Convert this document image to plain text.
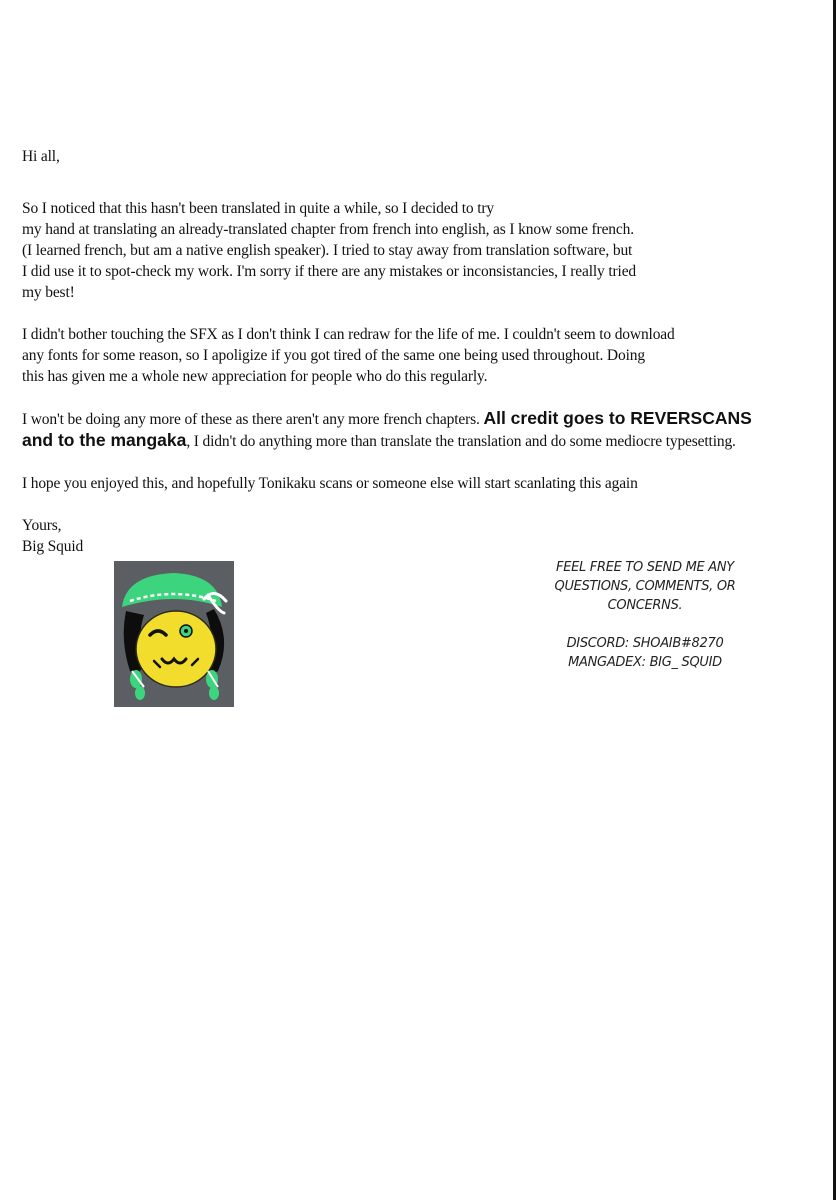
Hi all,

So I noticed that this hasn't been translated in quite a while, so I decided to try
my hand at translating an already-translated chapter from french into english, as I know some french.
(I learned french, but am a native english speaker). I tried to stay away from translation software, but
I did use it to spot-check my work. I'm sorry if there are any mistakes or inconsistancies, I really tried
my best!

I didn't bother touching the SFX as I don't think I can redraw for the life of me. I couldn't seem to download
any fonts for some reason, so I apoligize if you got tired of the same one being used throughout. Doing
this has given me a whole new appreciation for people who do this regularly.

I won't be doing any more of these as there aren't any more french chapters. All credit goes to REVERSCANS
and to the mangaka, I didn't do anything more than translate the translation and do some mediocre typesetting.

I hope you enjoyed this, and hopefully Tonikaku scans or someone else will start scanlating this again

Yours,

Big Squid

FEEL FREE TO SEND ME ANY
QUESTIONS, COMMENTS, OR
CONCERNS.
DISCORD: SHOAIB#8270
MANGADEX: BIG_ SQUID
